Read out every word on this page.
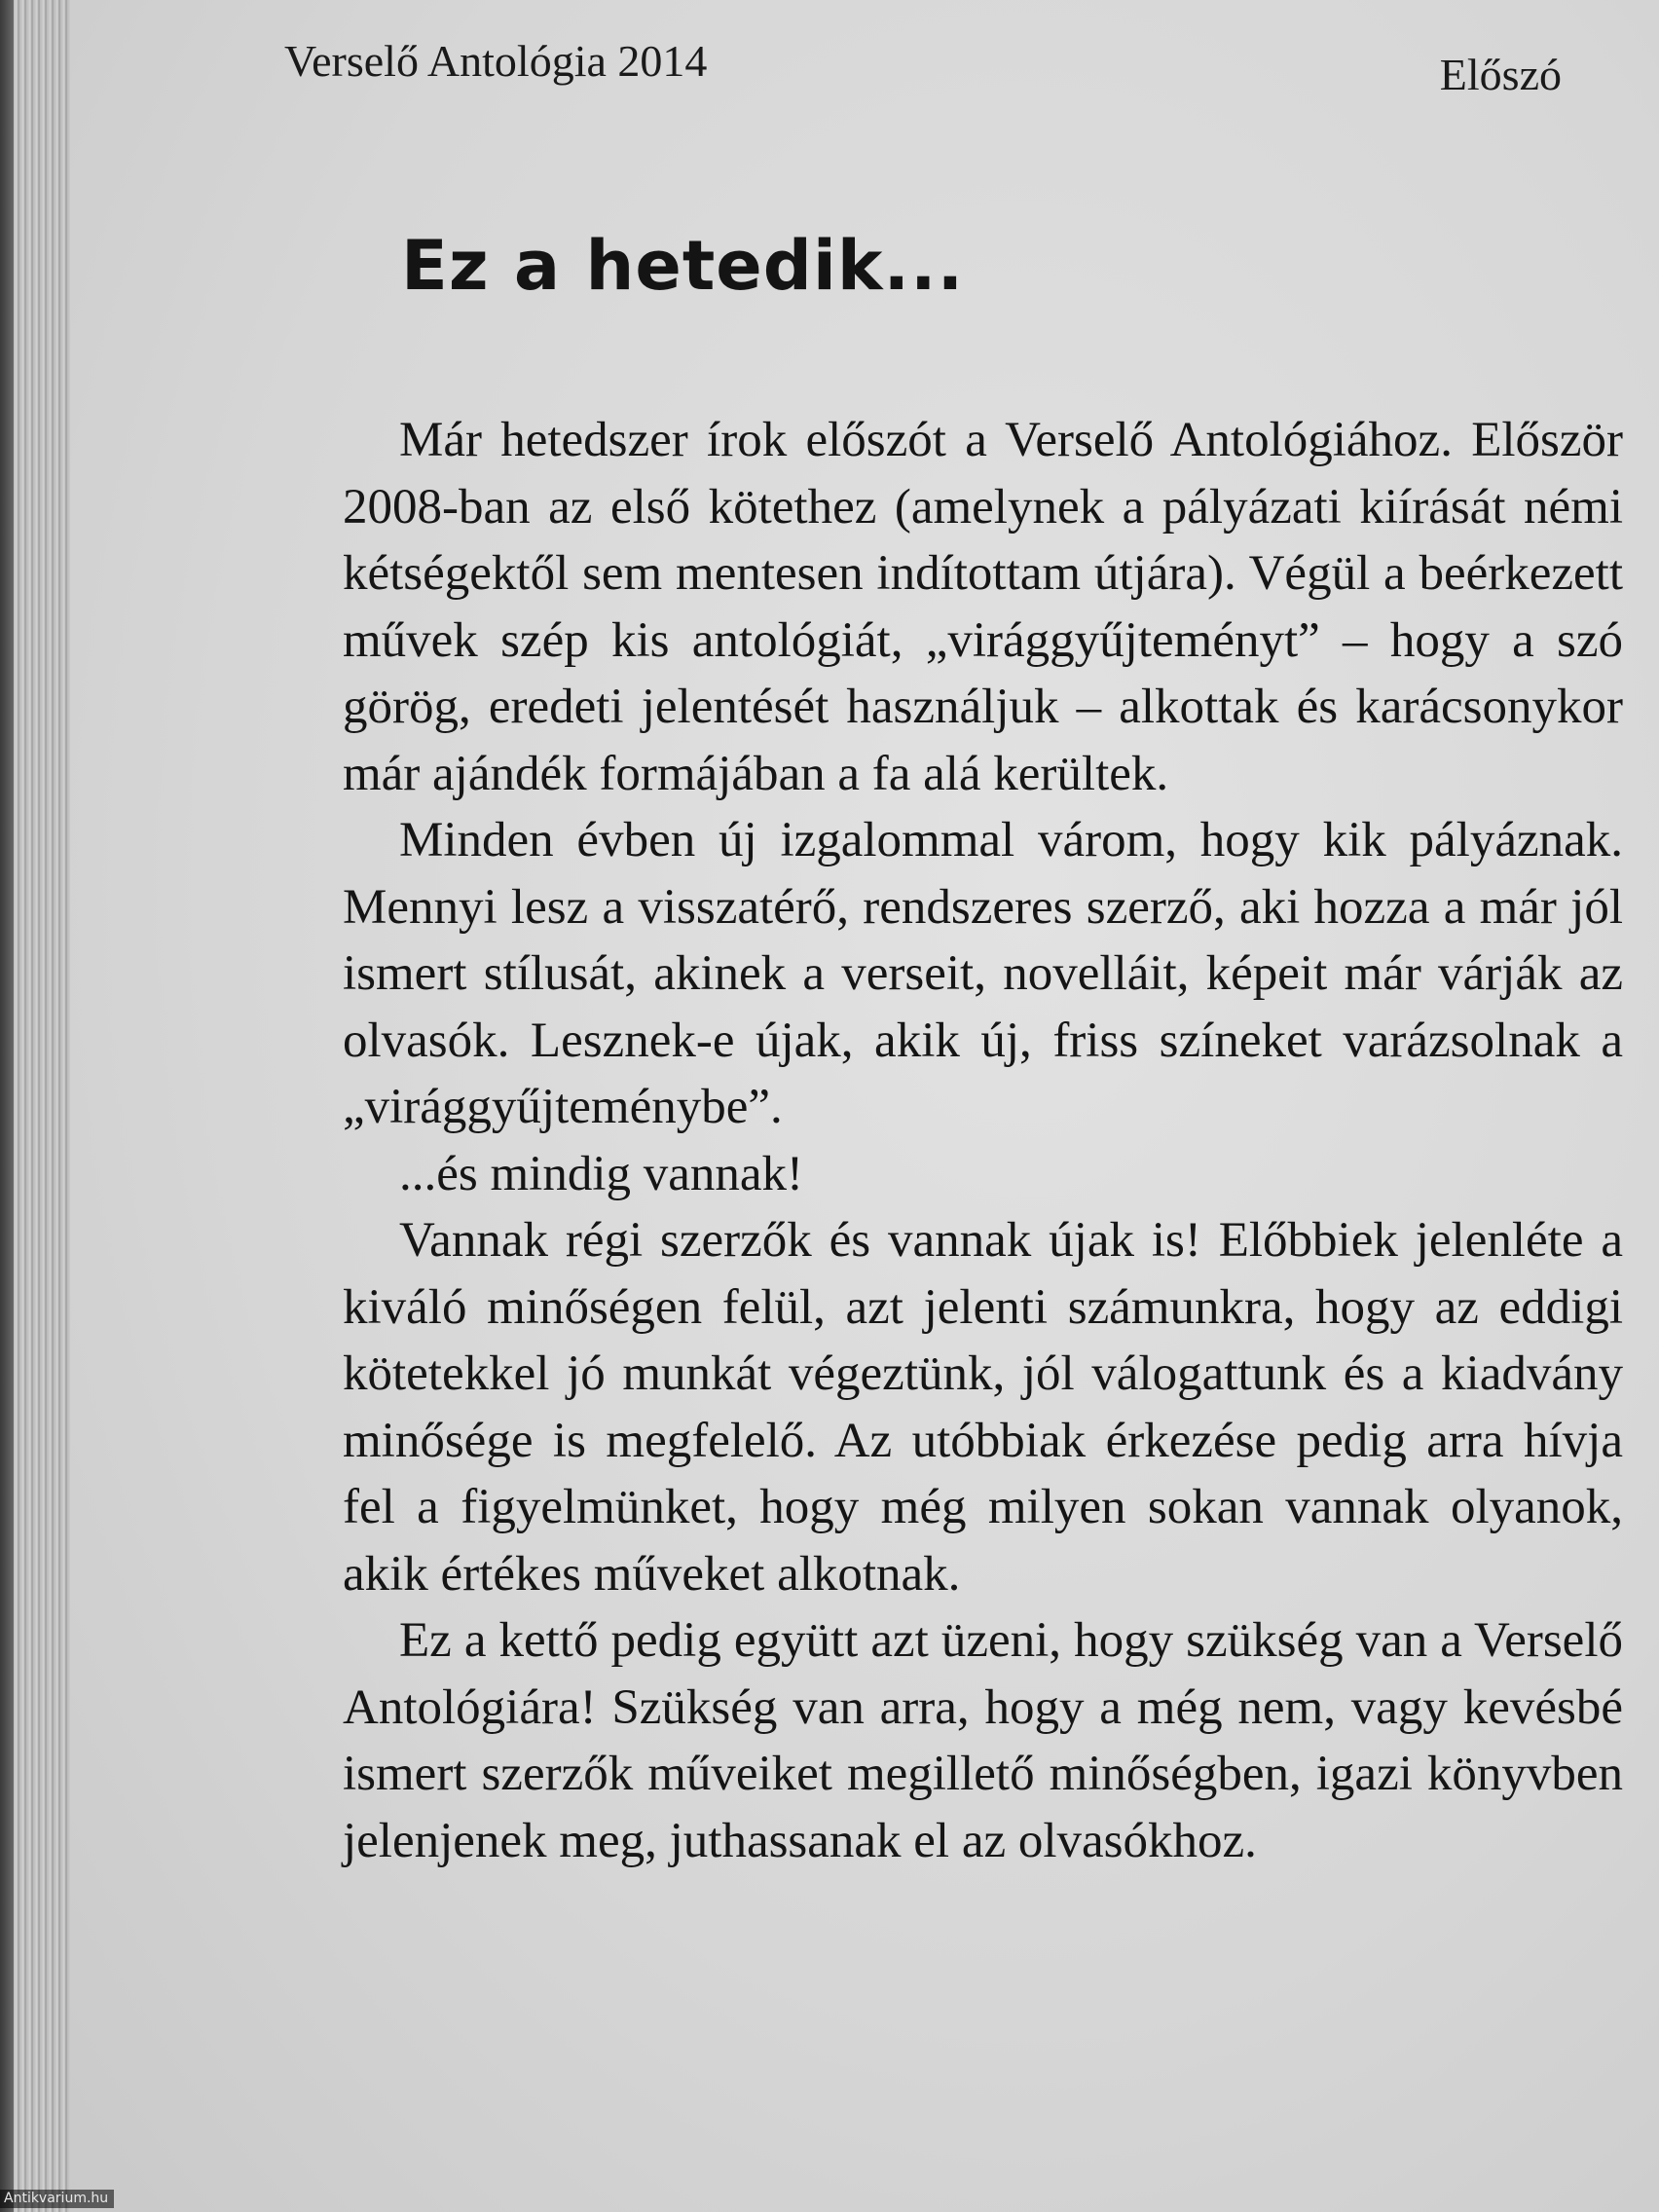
Verselő Antológia 2014	Előszó
Ez a hetedik...

Már hetedszer írok előszót a Verselő Antológiához. Először 2008-ban az első kötethez (amelynek a pályázati kiírását némi kétségektől sem mentesen indítottam útjára). Végül a beérkezett művek szép kis antológiát, „virággyűjteményt” – hogy a szó görög, eredeti jelentését használjuk – alkottak és karácsonykor már ajándék formájában a fa alá kerültek.

Minden évben új izgalommal várom, hogy kik pályáznak. Mennyi lesz a visszatérő, rendszeres szerző, aki hozza a már jól ismert stílusát, akinek a verseit, novelláit, képeit már várják az olvasók. Lesznek-e újak, akik új, friss színeket varázsolnak a „virággyűjteménybe”.

...és mindig vannak!

Vannak régi szerzők és vannak újak is! Előbbiek jelenléte a kiváló minőségen felül, azt jelenti számunkra, hogy az eddigi kötetekkel jó munkát végeztünk, jól válogattunk és a kiadvány minősége is megfelelő. Az utóbbiak érkezése pedig arra hívja fel a figyelmünket, hogy még milyen sokan vannak olyanok, akik értékes műveket alkotnak.

Ez a kettő pedig együtt azt üzeni, hogy szükség van a Verselő Antológiára! Szükség van arra, hogy a még nem, vagy kevésbé ismert szerzők műveiket megillető minőségben, igazi könyvben jelenjenek meg, juthassanak el az olvasókhoz.

Antikvarium.hu
